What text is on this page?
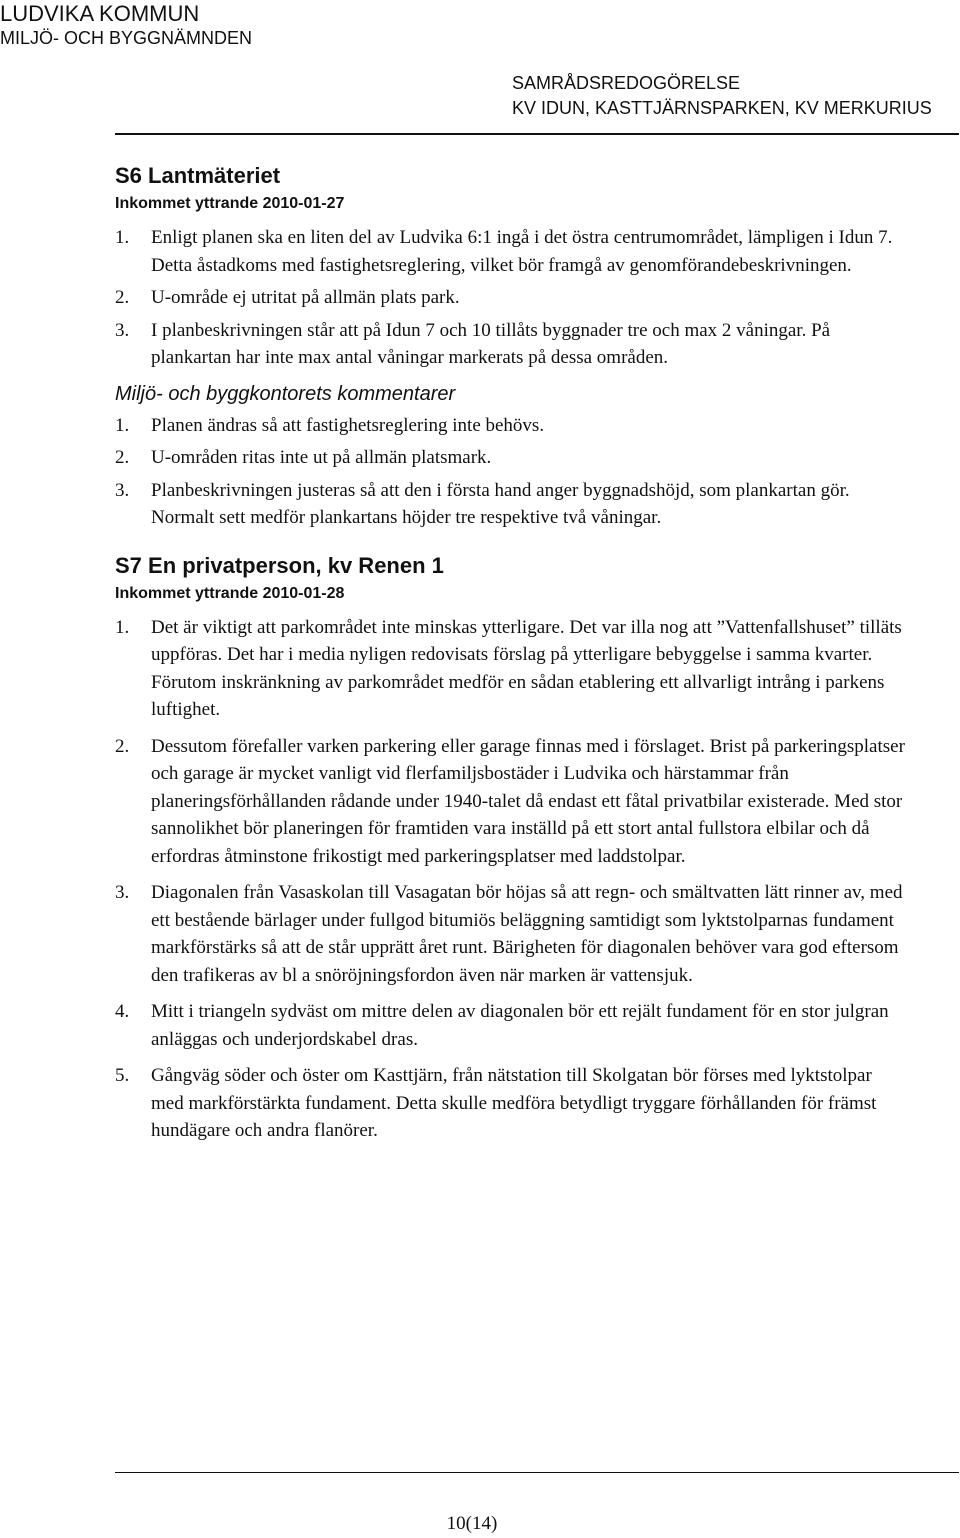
LUDVIKA KOMMUN
MILJÖ- OCH BYGGNÄMNDEN
SAMRÅDSREDOGÖRELSE
KV IDUN, KASTTJÄRNSPARKEN, KV MERKURIUS
S6 Lantmäteriet

Inkommet yttrande 2010-01-27

1.	Enligt planen ska en liten del av Ludvika 6:1 ingå i det östra centrumområdet, lämpligen i Idun 7. Detta åstadkoms med fastighetsreglering, vilket bör framgå av genomförandebeskrivningen.
2.	U-område ej utritat på allmän plats park.
3.	I planbeskrivningen står att på Idun 7 och 10 tillåts byggnader tre och max 2 våningar. På plankartan har inte max antal våningar markerats på dessa områden.

Miljö- och byggkontorets kommentarer

1.	Planen ändras så att fastighetsreglering inte behövs.
2.	U-områden ritas inte ut på allmän platsmark.
3.	Planbeskrivningen justeras så att den i första hand anger byggnadshöjd, som plankartan gör. Normalt sett medför plankartans höjder tre respektive två våningar.
S7 En privatperson, kv Renen 1

Inkommet yttrande 2010-01-28

1.	Det är viktigt att parkområdet inte minskas ytterligare. Det var illa nog att ”Vattenfallshuset” tilläts uppföras. Det har i media nyligen redovisats förslag på ytterligare bebyggelse i samma kvarter. Förutom inskränkning av parkområdet medför en sådan etablering ett allvarligt intrång i parkens luftighet.
2.	Dessutom förefaller varken parkering eller garage finnas med i förslaget. Brist på parkeringsplatser och garage är mycket vanligt vid flerfamiljsbostäder i Ludvika och härstammar från planeringsförhållanden rådande under 1940-talet då endast ett fåtal privatbilar existerade. Med stor sannolikhet bör planeringen för framtiden vara inställd på ett stort antal fullstora elbilar och då erfordras åtminstone frikostigt med parkeringsplatser med laddstolpar.
3.	Diagonalen från Vasaskolan till Vasagatan bör höjas så att regn- och smältvatten lätt rinner av, med ett bestående bärlager under fullgod bitumiös beläggning samtidigt som lyktstolparnas fundament markförstärks så att de står upprätt året runt. Bärigheten för diagonalen behöver vara god eftersom den trafikeras av bl a snöröjningsfordon även när marken är vattensjuk.
4.	Mitt i triangeln sydväst om mittre delen av diagonalen bör ett rejält fundament för en stor julgran anläggas och underjordskabel dras.
5.	Gångväg söder och öster om Kasttjärn, från nätstation till Skolgatan bör förses med lyktstolpar med markförstärkta fundament. Detta skulle medföra betydligt tryggare förhållanden för främst hundägare och andra flanörer.
10(14)
